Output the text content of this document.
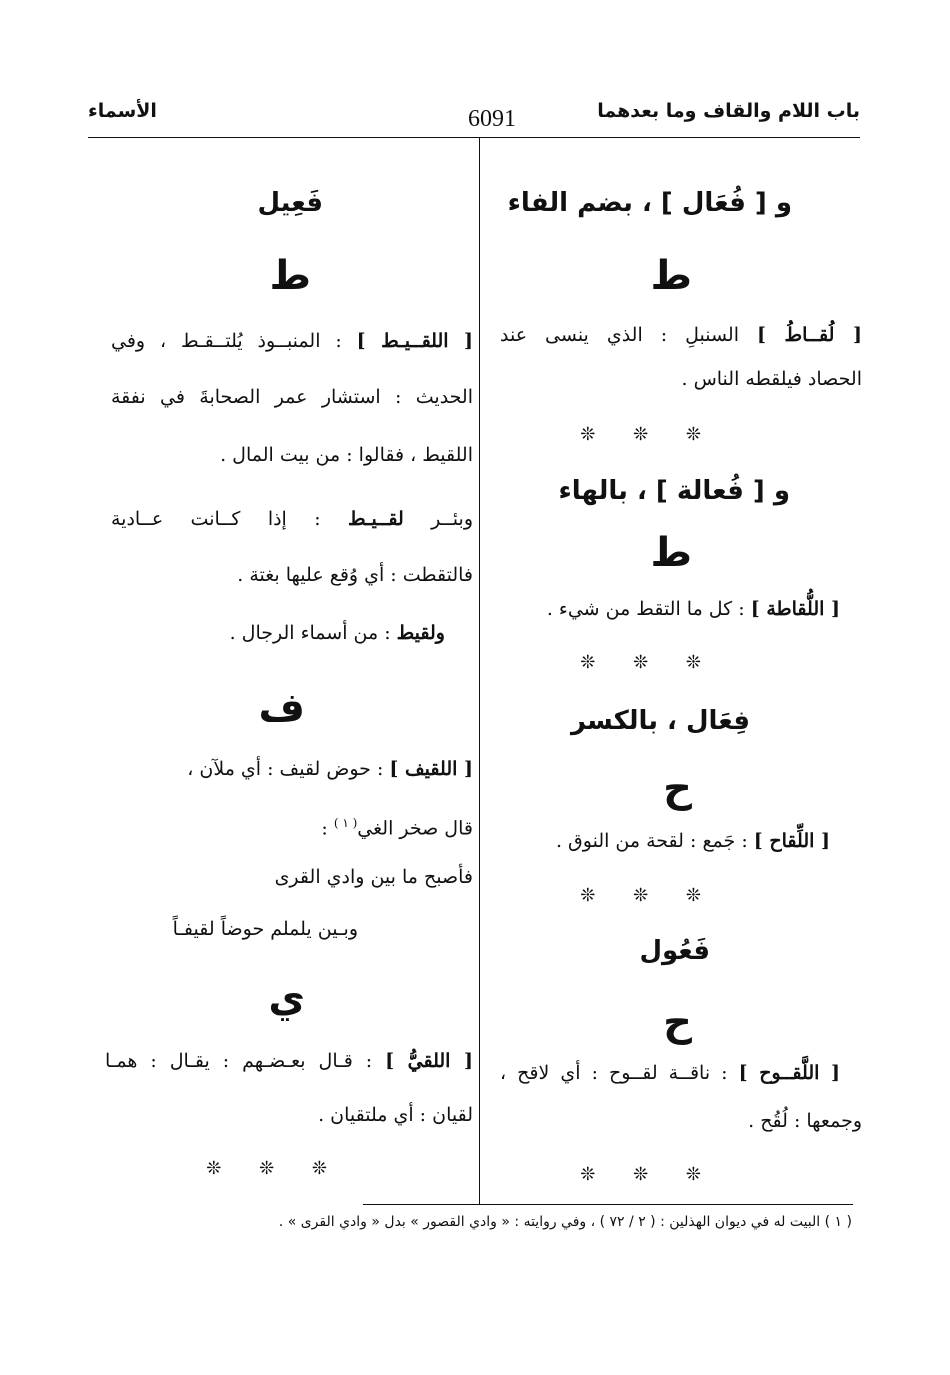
باب اللام والقاف وما بعدهما
6091
الأسماء
و [ فُعَال ] ، بضم الفاء
ط
[ لُقــاطُ ] السنبلِ : الذي ينسى عند
الحصاد فيلقطه الناس .
❊ ❊ ❊
و [ فُعالة ] ، بالهاء
ط
[ اللُّقاطة ] : كل ما التقط من شيء .
❊ ❊ ❊
فِعَال ، بالكسر
ح
[ اللِّقاح ] : جَمع : لقحة من النوق .
❊ ❊ ❊
فَعُول
ح
[ اللَّقــوح ] : ناقــة لقــوح : أي لاقح ،
وجمعها : لُقُح .
❊ ❊ ❊
فَعِيل
ط
[ اللقــيـط ] : المنبــوذ يُلتــقـط ، وفي
الحديث : استشار عمر الصحابةَ في نفقة
اللقيط ، فقالوا : من بيت المال .
وبئــر لقــيـط : إذا كــانت عــادية
فالتقطت : أي وُقع عليها بغتة .
ولقيط : من أسماء الرجال .
ف
[ اللقيف ] : حوض لقيف : أي ملآن ،
قال صخر الغي$^{( ١ )}$ :
فأصبح ما بين وادي القرى
وبـين يلملم حوضاً لقيفـاً
ي
[ اللقيُّ ] : قـال بعـضـهم : يقـال : همـا
لقيان : أي ملتقيان .
❊ ❊ ❊
( ١ ) البيت له في ديوان الهذلين : ( ٢ / ٧٢ ) ، وفي روايته : « وادي القصور » بدل « وادي القرى » .
